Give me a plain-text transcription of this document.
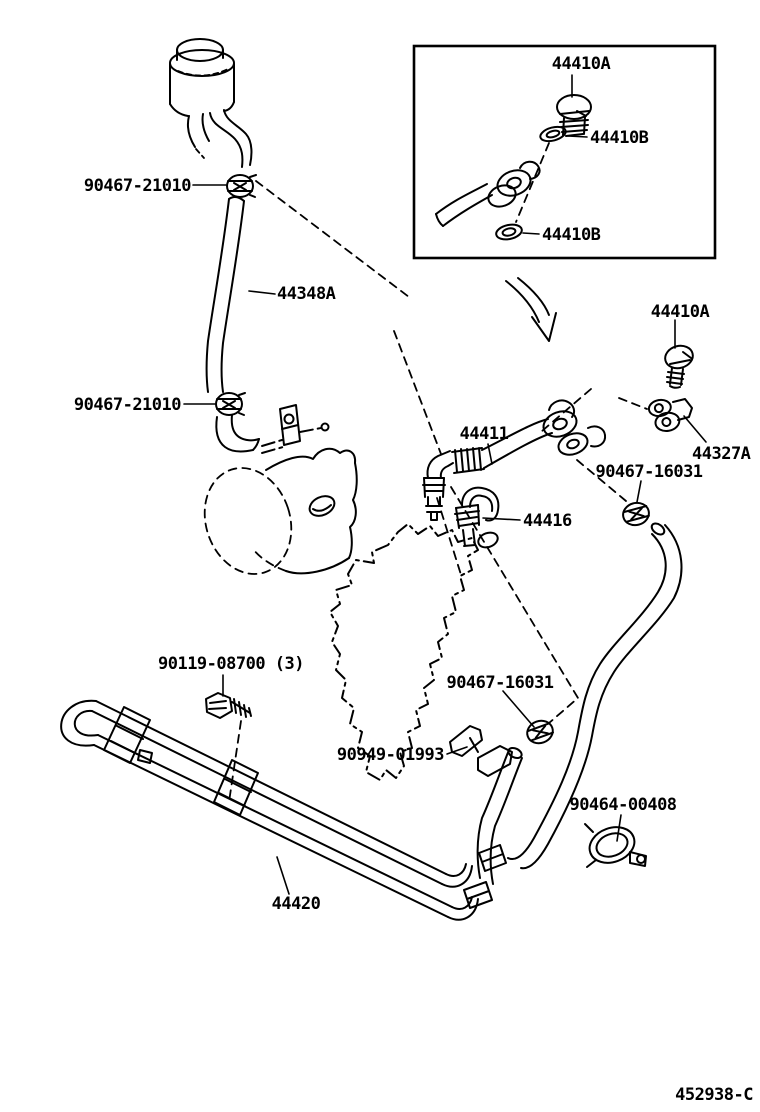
44410A
44410B
44410B
90467-21010
44348A
90467-21010
44410A
44411
44327A
90467-16031
44416
90119-08700 (3)
90467-16031
90949-01993
90464-00408
44420
452938-C
